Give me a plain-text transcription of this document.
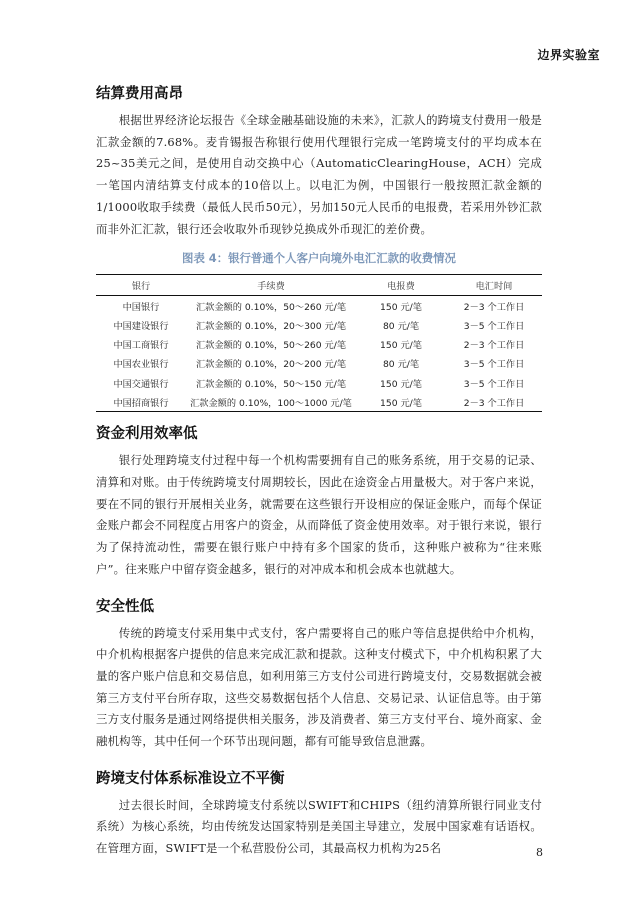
边界实验室
结算费用高昂

根据世界经济论坛报告《全球金融基础设施的未来》，汇款人的跨境支付费用一般是汇款金额的7.68%。麦肯锡报告称银行使用代理银行完成一笔跨境支付的平均成本在25~35美元之间，是使用自动交换中心（AutomaticClearingHouse，ACH）完成一笔国内清结算支付成本的10倍以上。以电汇为例，中国银行一般按照汇款金额的1/1000收取手续费（最低人民币50元），另加150元人民币的电报费，若采用外钞汇款而非外汇汇款，银行还会收取外币现钞兑换成外币现汇的差价费。

图表 4：银行普通个人客户向境外电汇汇款的收费情况
银行	手续费	电报费	电汇时间
中国银行	汇款金额的 0.10%，50～260 元/笔	150 元/笔	2－3 个工作日
中国建设银行	汇款金额的 0.10%，20～300 元/笔	80 元/笔	3－5 个工作日
中国工商银行	汇款金额的 0.10%，50～260 元/笔	150 元/笔	2－3 个工作日
中国农业银行	汇款金额的 0.10%，20～200 元/笔	80 元/笔	3－5 个工作日
中国交通银行	汇款金额的 0.10%，50～150 元/笔	150 元/笔	3－5 个工作日
中国招商银行	汇款金额的 0.10%，100～1000 元/笔	150 元/笔	2－3 个工作日
资金利用效率低

银行处理跨境支付过程中每一个机构需要拥有自己的账务系统，用于交易的记录、清算和对账。由于传统跨境支付周期较长，因此在途资金占用量极大。对于客户来说，要在不同的银行开展相关业务，就需要在这些银行开设相应的保证金账户，而每个保证金账户都会不同程度占用客户的资金，从而降低了资金使用效率。对于银行来说，银行为了保持流动性，需要在银行账户中持有多个国家的货币，这种账户被称为“往来账户”。往来账户中留存资金越多，银行的对冲成本和机会成本也就越大。

安全性低

传统的跨境支付采用集中式支付，客户需要将自己的账户等信息提供给中介机构，中介机构根据客户提供的信息来完成汇款和提款。这种支付模式下，中介机构积累了大量的客户账户信息和交易信息，如利用第三方支付公司进行跨境支付，交易数据就会被第三方支付平台所存取，这些交易数据包括个人信息、交易记录、认证信息等。由于第三方支付服务是通过网络提供相关服务，涉及消费者、第三方支付平台、境外商家、金融机构等，其中任何一个环节出现问题，都有可能导致信息泄露。

跨境支付体系标准设立不平衡

过去很长时间，全球跨境支付系统以SWIFT和CHIPS（纽约清算所银行同业支付系统）为核心系统，均由传统发达国家特别是美国主导建立，发展中国家难有话语权。在管理方面，SWIFT是一个私营股份公司，其最高权力机构为25名	8
